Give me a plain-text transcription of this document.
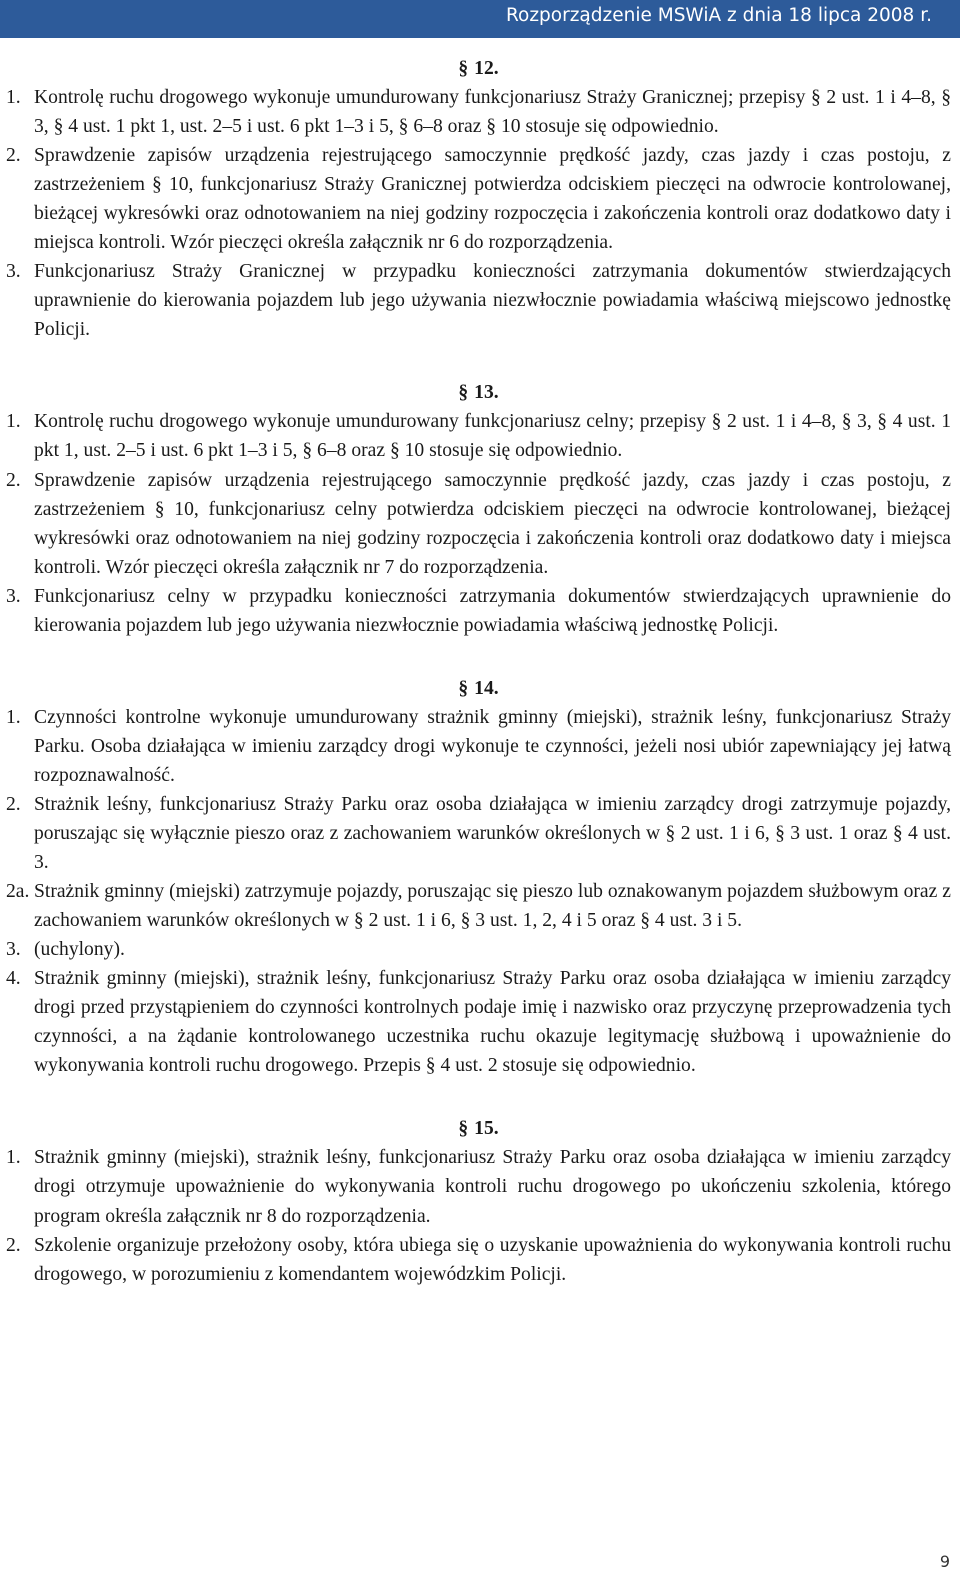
Rozporządzenie MSWiA z dnia 18 lipca 2008 r.

§ 12.

1. Kontrolę ruchu drogowego wykonuje umundurowany funkcjonariusz Straży Granicznej; przepisy § 2 ust. 1 i 4–8, § 3, § 4 ust. 1 pkt 1, ust. 2–5 i ust. 6 pkt 1–3 i 5, § 6–8 oraz § 10 stosuje się odpowiednio.

2. Sprawdzenie zapisów urządzenia rejestrującego samoczynnie prędkość jazdy, czas jazdy i czas postoju, z zastrzeżeniem § 10, funkcjonariusz Straży Granicznej potwierdza odciskiem pieczęci na odwrocie kontrolowanej, bieżącej wykresówki oraz odnotowaniem na niej godziny rozpoczęcia i zakończenia kontroli oraz dodatkowo daty i miejsca kontroli. Wzór pieczęci określa załącznik nr 6 do rozporządzenia.

3. Funkcjonariusz Straży Granicznej w przypadku konieczności zatrzymania dokumentów stwierdzających uprawnienie do kierowania pojazdem lub jego używania niezwłocznie powiadamia właściwą miejscowo jednostkę Policji.

§ 13.

1. Kontrolę ruchu drogowego wykonuje umundurowany funkcjonariusz celny; przepisy § 2 ust. 1 i 4–8, § 3, § 4 ust. 1 pkt 1, ust. 2–5 i ust. 6 pkt 1–3 i 5, § 6–8 oraz § 10 stosuje się odpowiednio.

2. Sprawdzenie zapisów urządzenia rejestrującego samoczynnie prędkość jazdy, czas jazdy i czas postoju, z zastrzeżeniem § 10, funkcjonariusz celny potwierdza odciskiem pieczęci na odwrocie kontrolowanej, bieżącej wykresówki oraz odnotowaniem na niej godziny rozpoczęcia i zakończenia kontroli oraz dodatkowo daty i miejsca kontroli. Wzór pieczęci określa załącznik nr 7 do rozporządzenia.

3. Funkcjonariusz celny w przypadku konieczności zatrzymania dokumentów stwierdzających uprawnienie do kierowania pojazdem lub jego używania niezwłocznie powiadamia właściwą jednostkę Policji.

§ 14.

1. Czynności kontrolne wykonuje umundurowany strażnik gminny (miejski), strażnik leśny, funkcjonariusz Straży Parku. Osoba działająca w imieniu zarządcy drogi wykonuje te czynności, jeżeli nosi ubiór zapewniający jej łatwą rozpoznawalność.

2. Strażnik leśny, funkcjonariusz Straży Parku oraz osoba działająca w imieniu zarządcy drogi zatrzymuje pojazdy, poruszając się wyłącznie pieszo oraz z zachowaniem warunków określonych w § 2 ust. 1 i 6, § 3 ust. 1 oraz § 4 ust. 3.

2a. Strażnik gminny (miejski) zatrzymuje pojazdy, poruszając się pieszo lub oznakowanym pojazdem służbowym oraz z zachowaniem warunków określonych w § 2 ust. 1 i 6, § 3 ust. 1, 2, 4 i 5 oraz § 4 ust. 3 i 5.

3. (uchylony).

4. Strażnik gminny (miejski), strażnik leśny, funkcjonariusz Straży Parku oraz osoba działająca w imieniu zarządcy drogi przed przystąpieniem do czynności kontrolnych podaje imię i nazwisko oraz przyczynę przeprowadzenia tych czynności, a na żądanie kontrolowanego uczestnika ruchu okazuje legitymację służbową i upoważnienie do wykonywania kontroli ruchu drogowego. Przepis § 4 ust. 2 stosuje się odpowiednio.

§ 15.

1. Strażnik gminny (miejski), strażnik leśny, funkcjonariusz Straży Parku oraz osoba działająca w imieniu zarządcy drogi otrzymuje upoważnienie do wykonywania kontroli ruchu drogowego po ukończeniu szkolenia, którego program określa załącznik nr 8 do rozporządzenia.

2. Szkolenie organizuje przełożony osoby, która ubiega się o uzyskanie upoważnienia do wykonywania kontroli ruchu drogowego, w porozumieniu z komendantem wojewódzkim Policji.

9
